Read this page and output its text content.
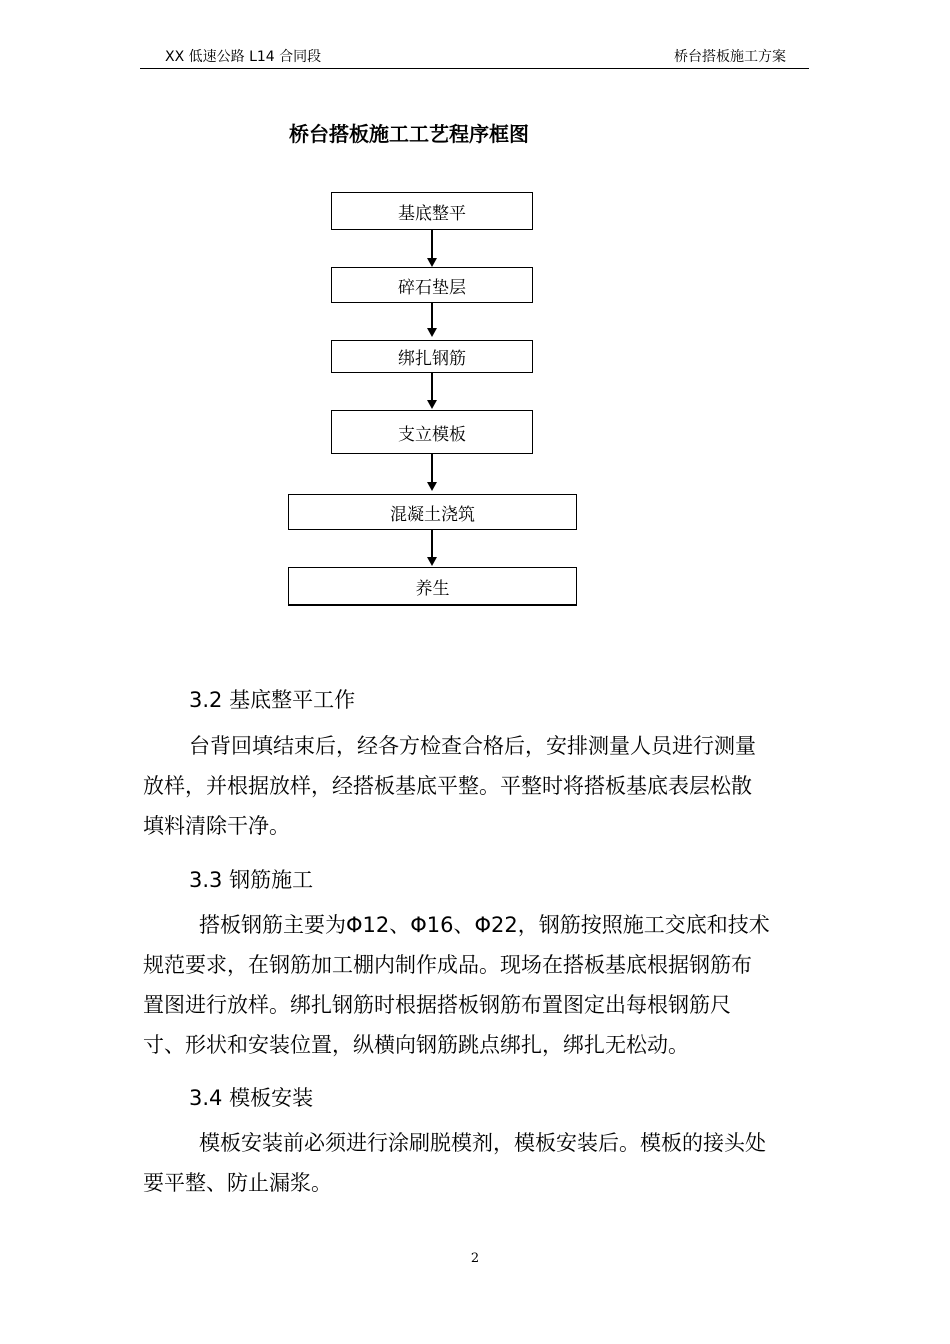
XX 低速公路 L14 合同段	桥台搭板施工方案
桥台搭板施工工艺程序框图
基底整平
碎石垫层
绑扎钢筋
支立模板
混凝土浇筑
养生
3.2 基底整平工作
台背回填结束后，经各方检查合格后，安排测量人员进行测量
放样，并根据放样，经搭板基底平整。平整时将搭板基底表层松散
填料清除干净。
3.3 钢筋施工
搭板钢筋主要为Φ12、Φ16、Φ22，钢筋按照施工交底和技术
规范要求，在钢筋加工棚内制作成品。现场在搭板基底根据钢筋布
置图进行放样。绑扎钢筋时根据搭板钢筋布置图定出每根钢筋尺
寸、形状和安装位置，纵横向钢筋跳点绑扎，绑扎无松动。
3.4 模板安装
模板安装前必须进行涂刷脱模剂，模板安装后。模板的接头处
要平整、防止漏浆。
2
